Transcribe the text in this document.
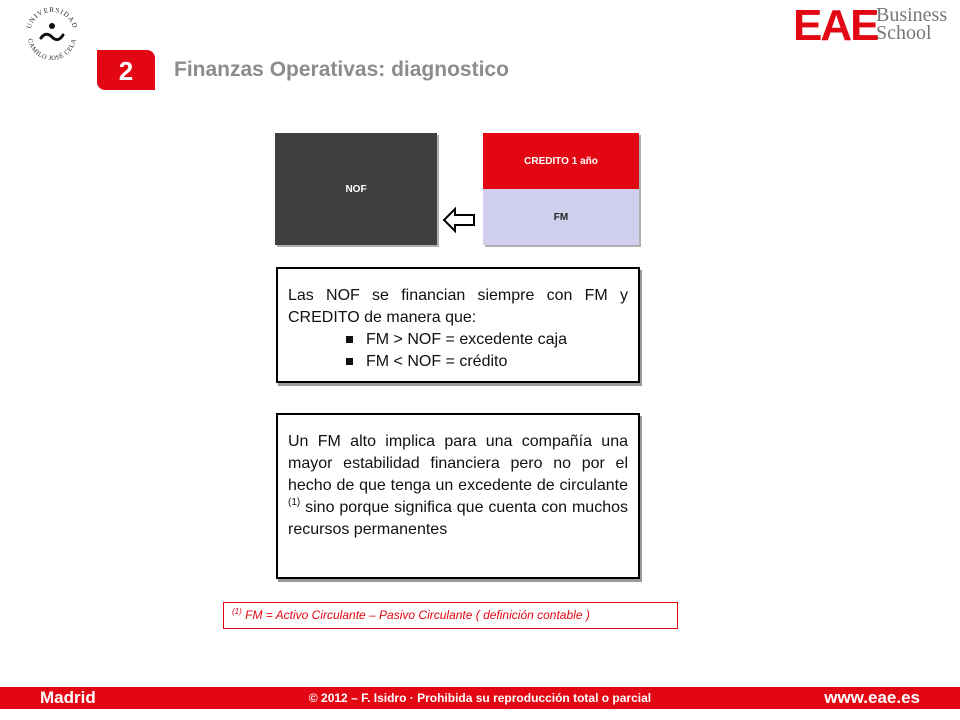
UNIVERSIDAD
CAMILO JOSÉ CELA	EAE
Business
School
2	Finanzas Operativas: diagnostico
NOF
CREDITO 1 año
FM
Las NOF se financian siempre con FM y CREDITO de manera que:
FM > NOF = excedente caja
FM < NOF = crédito
Un FM alto implica para una compañía una mayor estabilidad financiera pero no por el hecho de que tenga un excedente de circulante $^{(1)}$ sino porque significa que cuenta con muchos recursos permanentes
$^{(1)}$ FM = Activo Circulante – Pasivo Circulante ( definición contable )
Madrid	© 2012 – F. Isidro · Prohibida su reproducción total o parcial	www.eae.es
